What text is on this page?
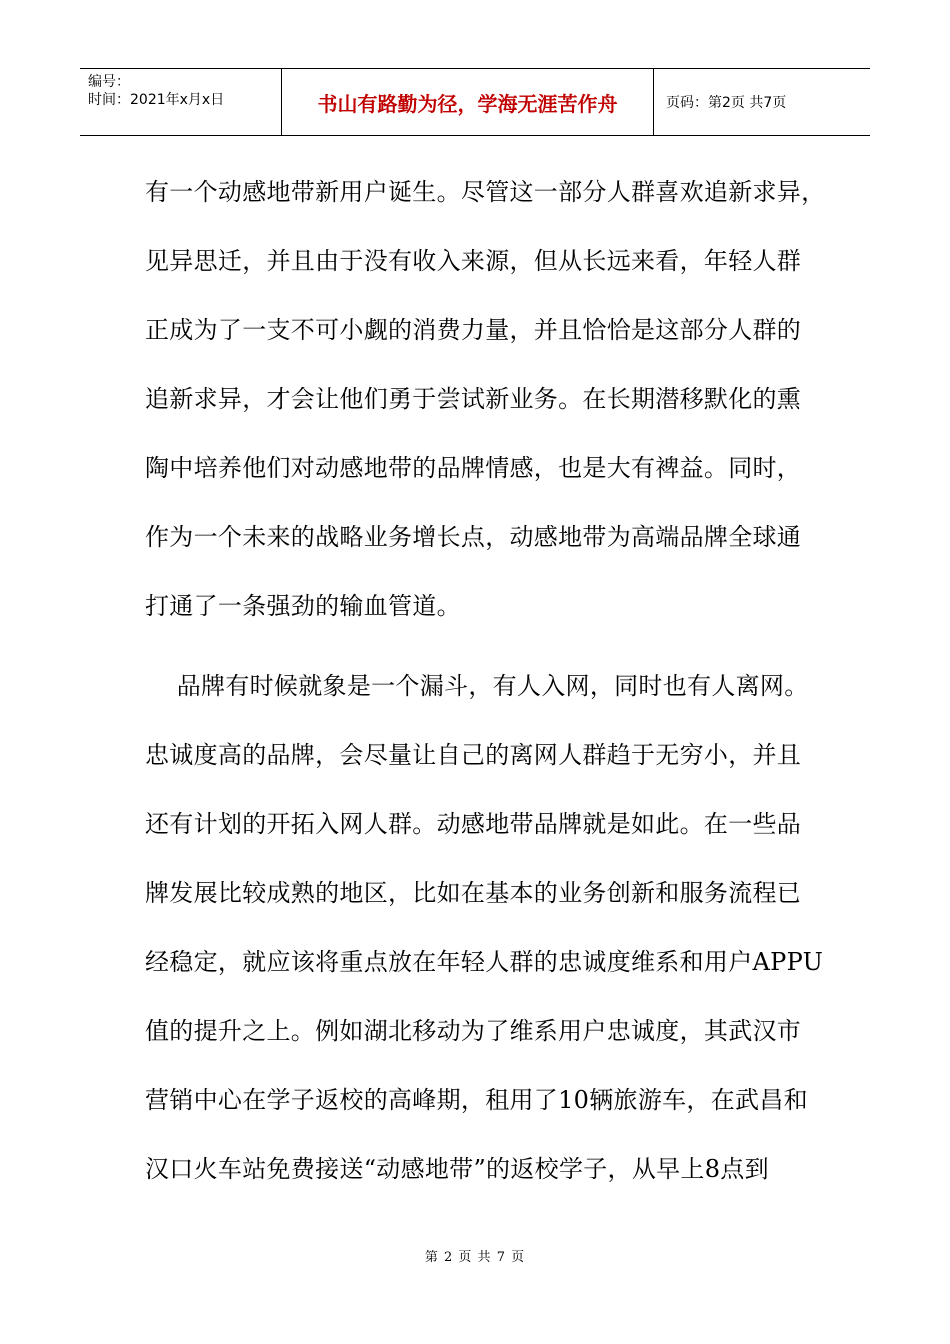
编号：
时间：2021年x月x日	书山有路勤为径，学海无涯苦作舟	页码：第2页 共7页
有一个动感地带新用户诞生。尽管这一部分人群喜欢追新求异，
见异思迁，并且由于没有收入来源，但从长远来看，年轻人群
正成为了一支不可小觑的消费力量，并且恰恰是这部分人群的
追新求异，才会让他们勇于尝试新业务。在长期潜移默化的熏
陶中培养他们对动感地带的品牌情感，也是大有裨益。同时，
作为一个未来的战略业务增长点，动感地带为高端品牌全球通
打通了一条强劲的输血管道。
品牌有时候就象是一个漏斗，有人入网，同时也有人离网。
忠诚度高的品牌，会尽量让自己的离网人群趋于无穷小，并且
还有计划的开拓入网人群。动感地带品牌就是如此。在一些品
牌发展比较成熟的地区，比如在基本的业务创新和服务流程已
经稳定，就应该将重点放在年轻人群的忠诚度维系和用户APPU
值的提升之上。例如湖北移动为了维系用户忠诚度，其武汉市
营销中心在学子返校的高峰期，租用了10辆旅游车，在武昌和
汉口火车站免费接送“动感地带”的返校学子，从早上8点到
第 2 页 共 7 页
